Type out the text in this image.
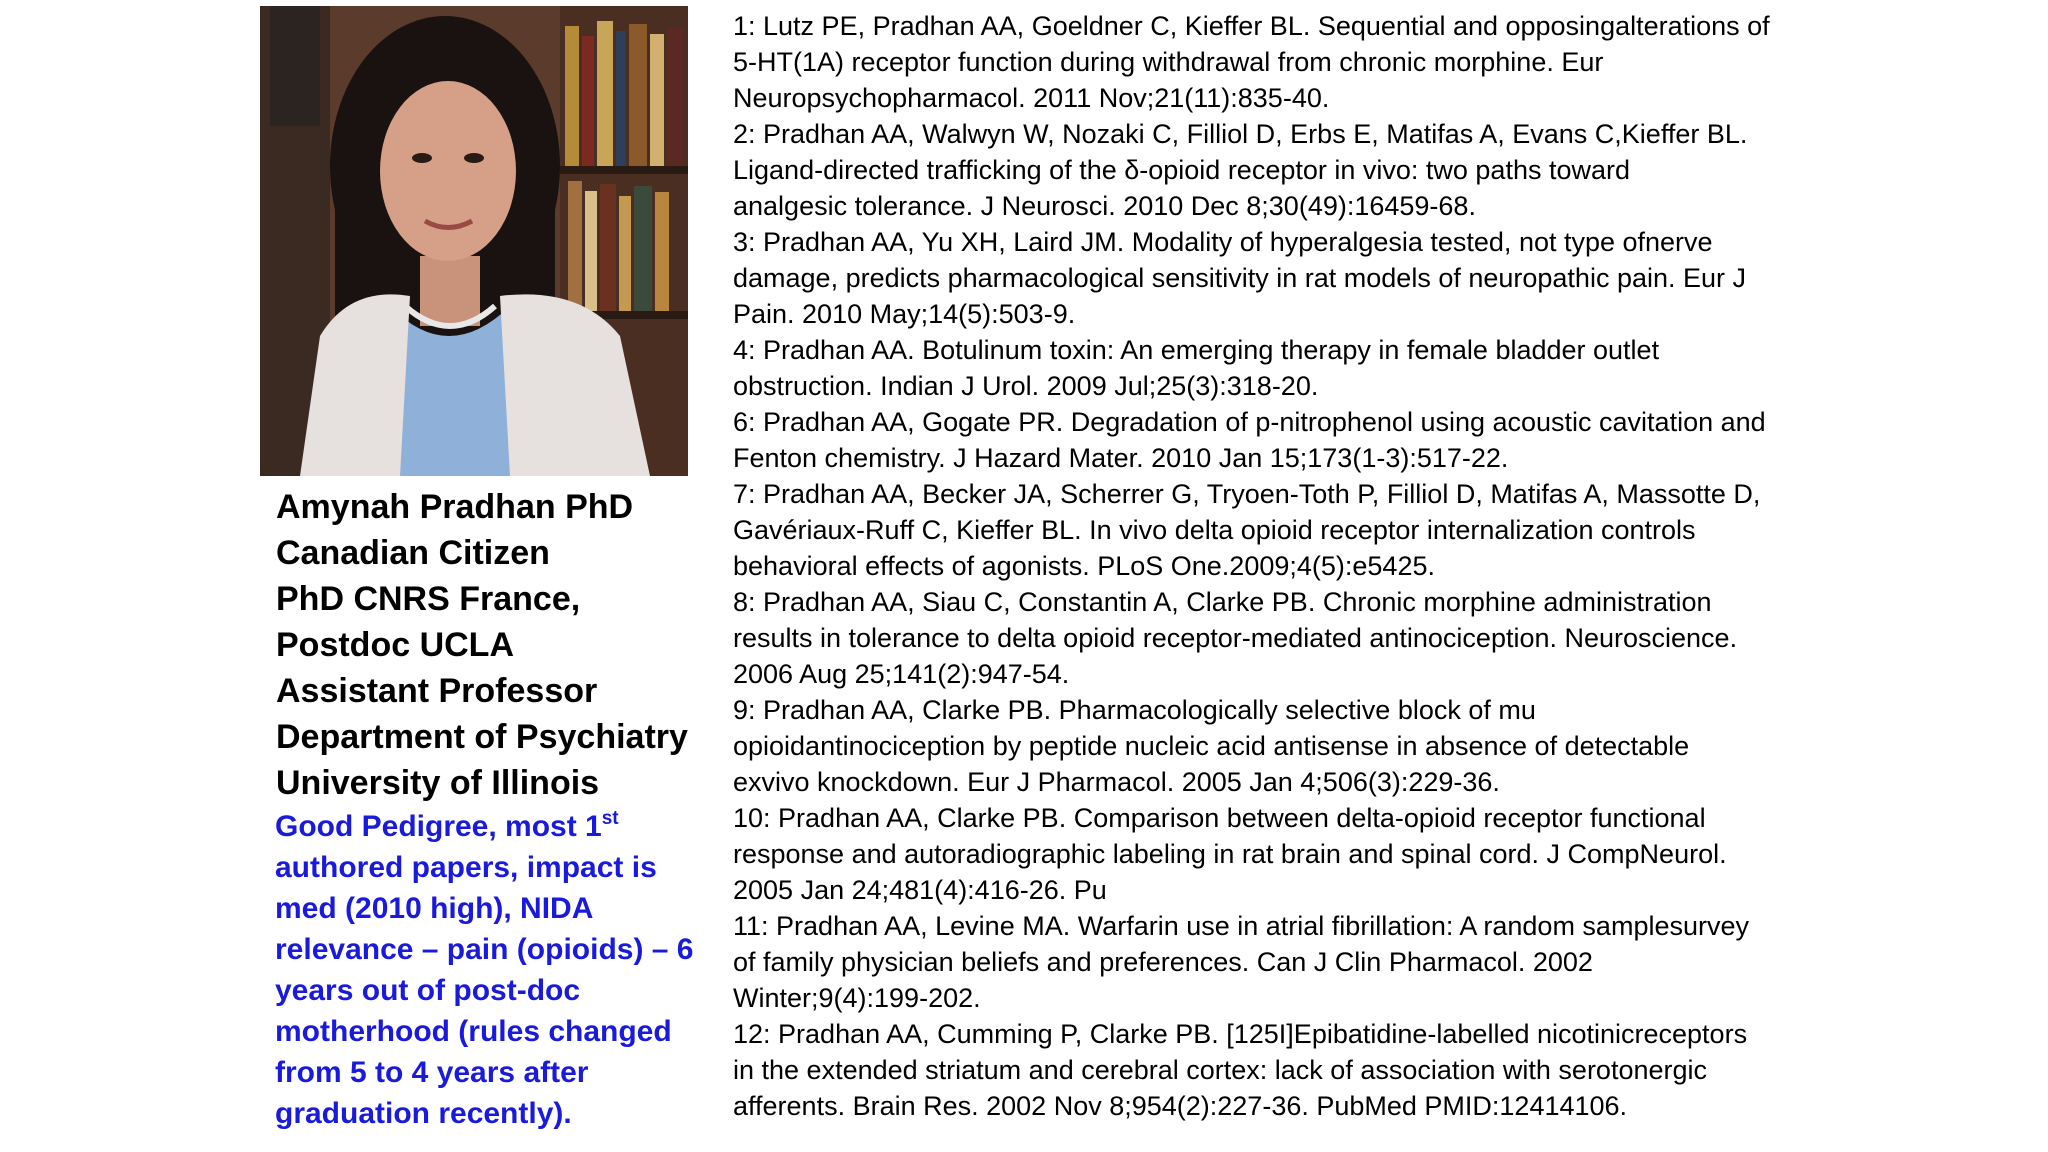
Amynah Pradhan PhD
Canadian Citizen
PhD CNRS France,
Postdoc UCLA
Assistant Professor
Department of Psychiatry
University of Illinois
Good Pedigree, most 1st
authored papers, impact is med (2010 high), NIDA relevance – pain (opioids) – 6 years out of post-doc motherhood (rules changed from 5 to 4 years after graduation recently).

1: Lutz PE, Pradhan AA, Goeldner C, Kieffer BL. Sequential and opposingalterations of
5-HT(1A) receptor function during withdrawal from chronic morphine. Eur
Neuropsychopharmacol. 2011 Nov;21(11):835-40.

2: Pradhan AA, Walwyn W, Nozaki C, Filliol D, Erbs E, Matifas A, Evans C,Kieffer BL.
Ligand-directed trafficking of the δ-opioid receptor in vivo: two paths toward
analgesic tolerance. J Neurosci. 2010 Dec 8;30(49):16459-68.

3: Pradhan AA, Yu XH, Laird JM. Modality of hyperalgesia tested, not type ofnerve
damage, predicts pharmacological sensitivity in rat models of neuropathic pain. Eur J
Pain. 2010 May;14(5):503-9.

4: Pradhan AA. Botulinum toxin: An emerging therapy in female bladder outlet
obstruction. Indian J Urol. 2009 Jul;25(3):318-20.

6: Pradhan AA, Gogate PR. Degradation of p-nitrophenol using acoustic cavitation and
Fenton chemistry. J Hazard Mater. 2010 Jan 15;173(1-3):517-22.

7: Pradhan AA, Becker JA, Scherrer G, Tryoen-Toth P, Filliol D, Matifas A, Massotte D,
Gavériaux-Ruff C, Kieffer BL. In vivo delta opioid receptor internalization controls
behavioral effects of agonists. PLoS One.2009;4(5):e5425.

8: Pradhan AA, Siau C, Constantin A, Clarke PB. Chronic morphine administration
results in tolerance to delta opioid receptor-mediated antinociception. Neuroscience.
2006 Aug 25;141(2):947-54.

9: Pradhan AA, Clarke PB. Pharmacologically selective block of mu
opioidantinociception by peptide nucleic acid antisense in absence of detectable
exvivo knockdown. Eur J Pharmacol. 2005 Jan 4;506(3):229-36.

10: Pradhan AA, Clarke PB. Comparison between delta-opioid receptor functional
response and autoradiographic labeling in rat brain and spinal cord. J CompNeurol.
2005 Jan 24;481(4):416-26. Pu

11: Pradhan AA, Levine MA. Warfarin use in atrial fibrillation: A random samplesurvey
of family physician beliefs and preferences. Can J Clin Pharmacol. 2002
Winter;9(4):199-202.

12: Pradhan AA, Cumming P, Clarke PB. [125I]Epibatidine-labelled nicotinicreceptors
in the extended striatum and cerebral cortex: lack of association with serotonergic
afferents. Brain Res. 2002 Nov 8;954(2):227-36. PubMed PMID:12414106.
